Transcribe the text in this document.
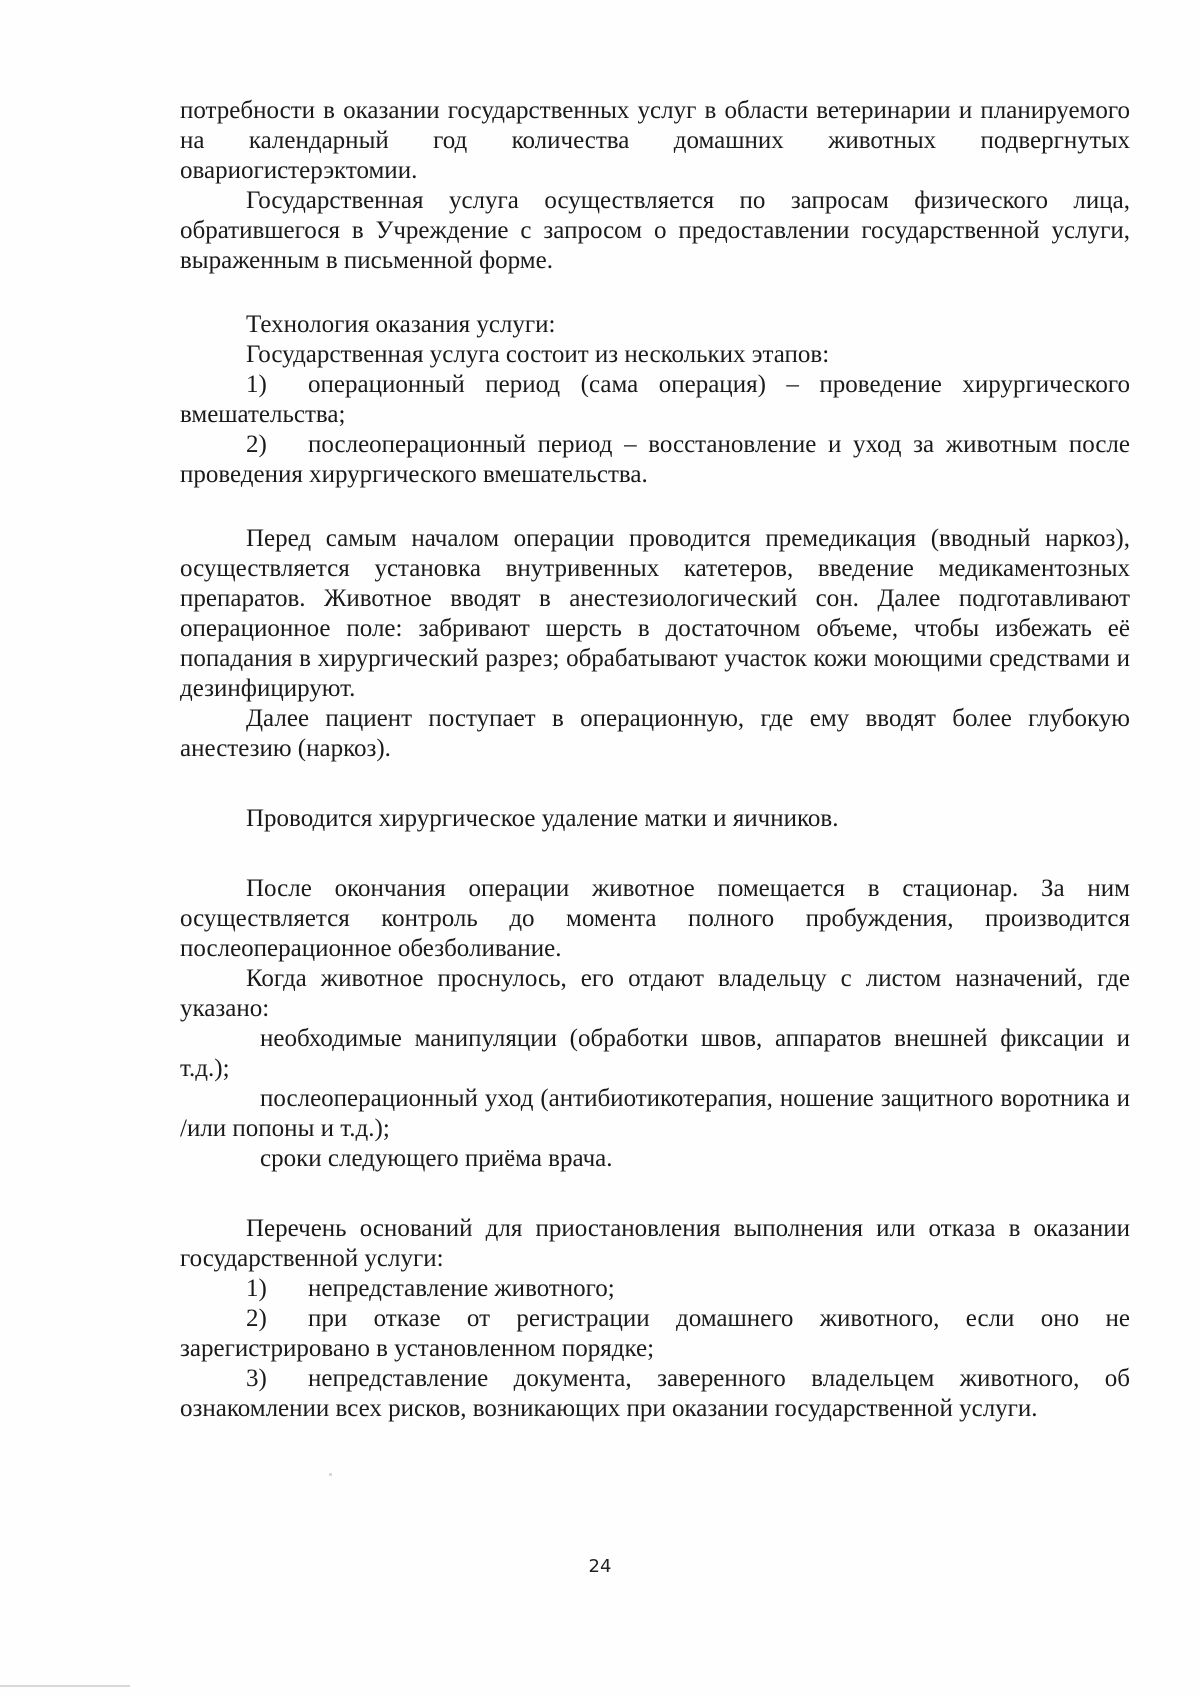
потребности в оказании государственных услуг в области ветеринарии и планируемого на календарный год количества домашних животных подвергнутых овариогистерэктомии.

Государственная услуга осуществляется по запросам физического лица, обратившегося в Учреждение с запросом о предоставлении государственной услуги, выраженным в письменной форме.

Технология оказания услуги:

Государственная услуга состоит из нескольких этапов:

1) операционный период (сама операция) – проведение хирургического вмешательства;

2) послеоперационный период – восстановление и уход за животным после проведения хирургического вмешательства.

Перед самым началом операции проводится премедикация (вводный наркоз), осуществляется установка внутривенных катетеров, введение медикаментозных препаратов. Животное вводят в анестезиологический сон. Далее подготавливают операционное поле: забривают шерсть в достаточном объеме, чтобы избежать её попадания в хирургический разрез; обрабатывают участок кожи моющими средствами и дезинфицируют.

Далее пациент поступает в операционную, где ему вводят более глубокую анестезию (наркоз).

Проводится хирургическое удаление матки и яичников.

После окончания операции животное помещается в стационар. За ним осуществляется контроль до момента полного пробуждения, производится послеоперационное обезболивание.

Когда животное проснулось, его отдают владельцу с листом назначений, где указано:

необходимые манипуляции (обработки швов, аппаратов внешней фиксации и т.д.);

послеоперационный уход (антибиотикотерапия, ношение защитного воротника и /или попоны и т.д.);

сроки следующего приёма врача.

Перечень оснований для приостановления выполнения или отказа в оказании государственной услуги:

1) непредставление животного;

2) при отказе от регистрации домашнего животного, если оно не зарегистрировано в установленном порядке;

3) непредставление документа, заверенного владельцем животного, об ознакомлении всех рисков, возникающих при оказании государственной услуги.

24
